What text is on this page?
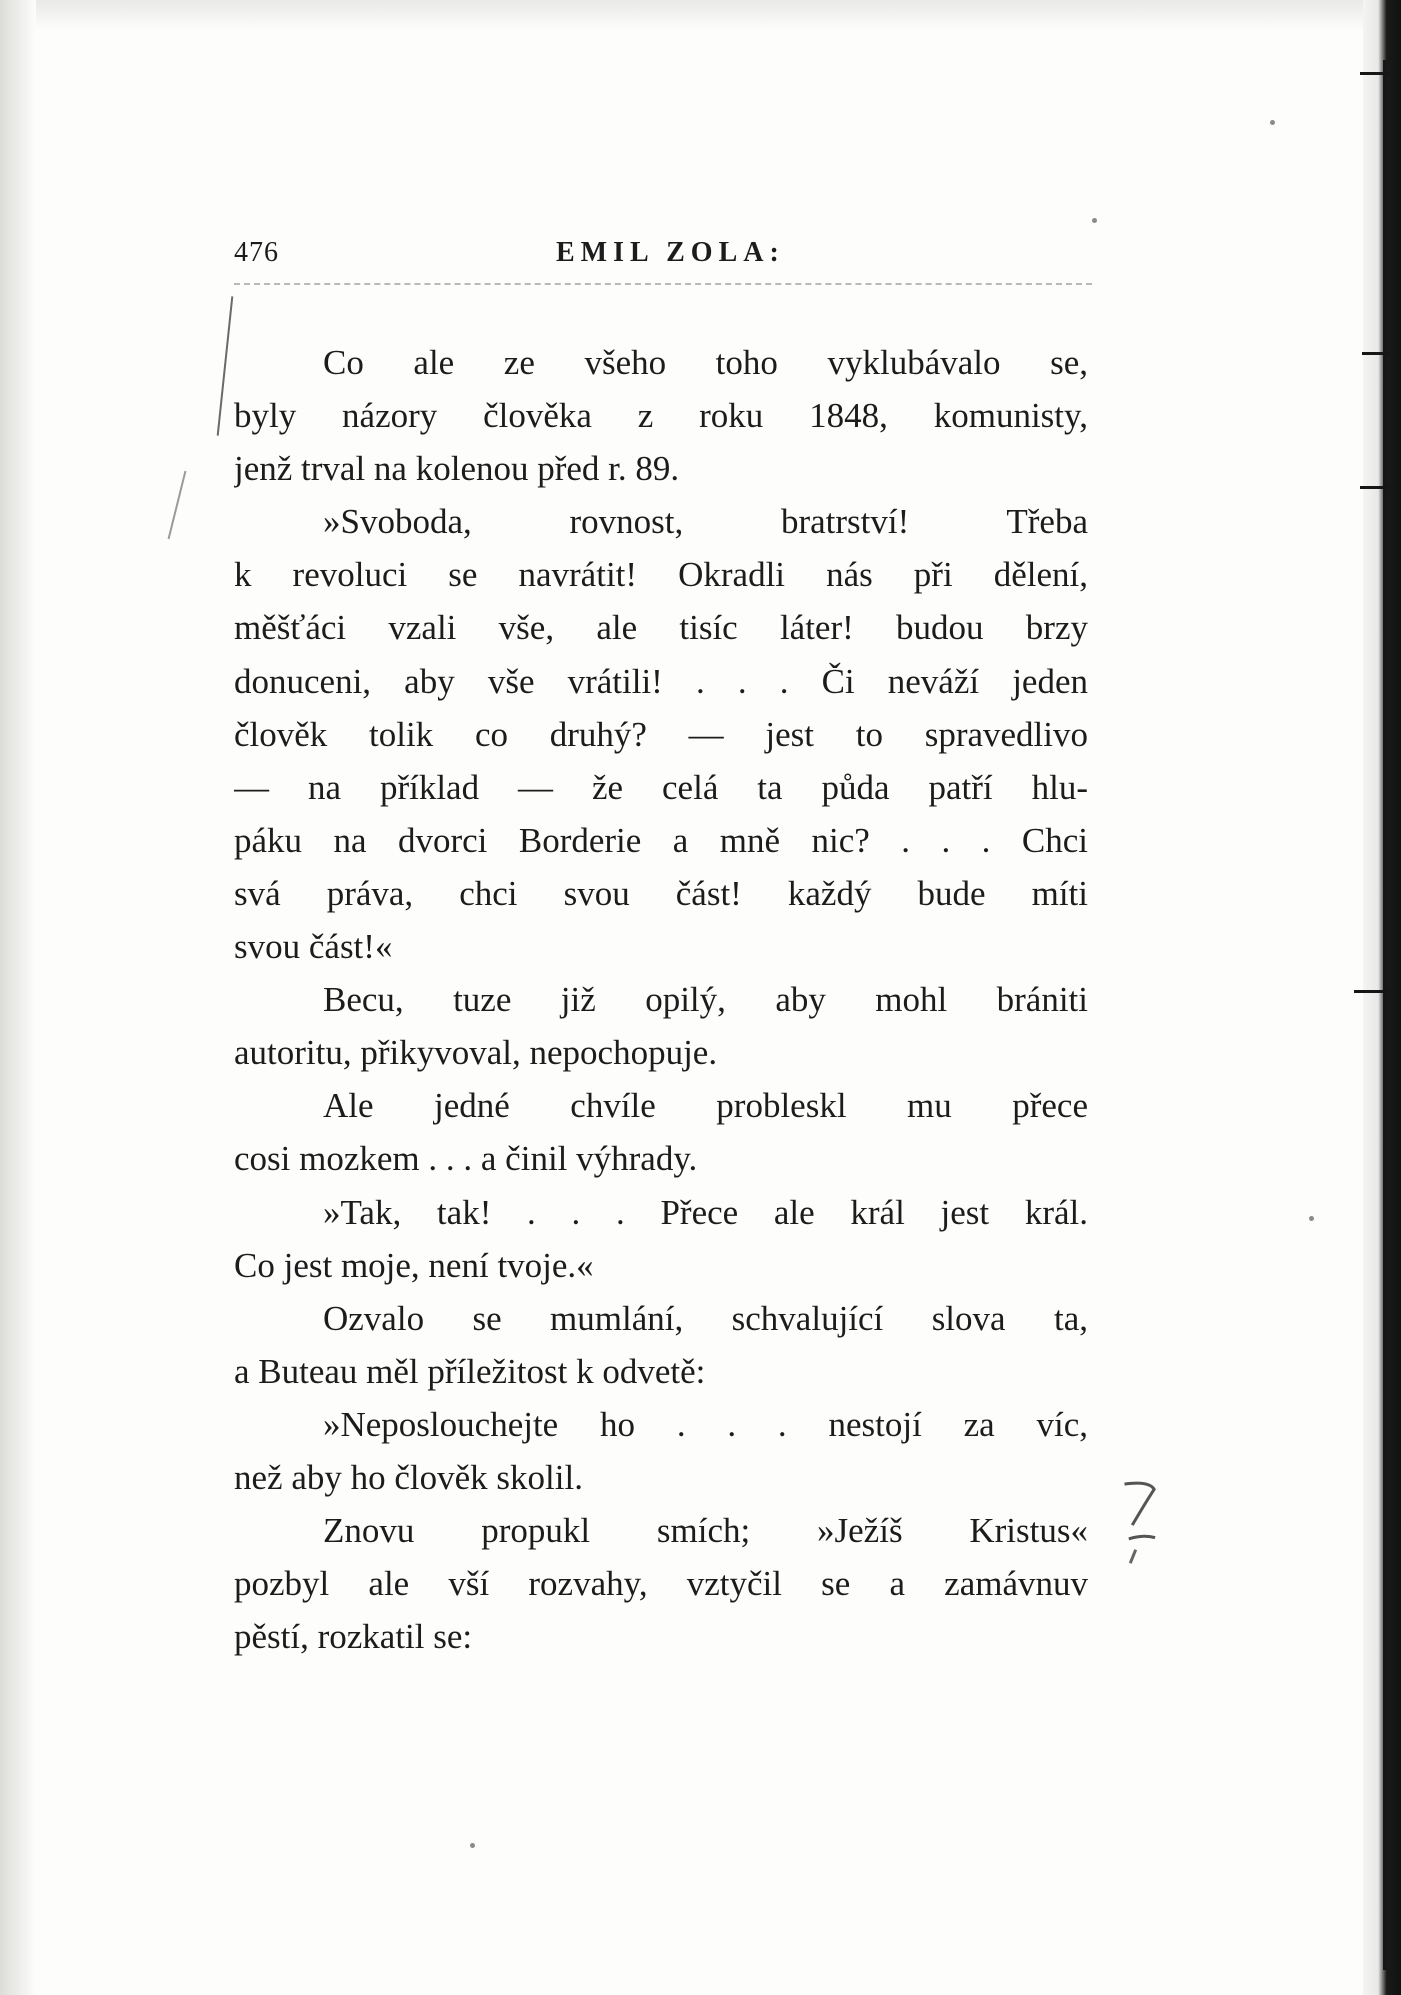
476	EMIL ZOLA:
Co ale ze všeho toho vyklubávalo se,
byly názory člověka z roku 1848, komunisty,
jenž trval na kolenou před r. 89.
»Svoboda, rovnost, bratrství! Třeba
k revoluci se navrátit! Okradli nás při dělení,
měšťáci vzali vše, ale tisíc láter! budou brzy
donuceni, aby vše vrátili! . . . Či neváží jeden
člověk tolik co druhý? — jest to spravedlivo
— na příklad — že celá ta půda patří hlu-
páku na dvorci Borderie a mně nic? . . . Chci
svá práva, chci svou část! každý bude míti
svou část!«
Becu, tuze již opilý, aby mohl brániti
autoritu, přikyvoval, nepochopuje.
Ale jedné chvíle probleskl mu přece
cosi mozkem . . . a činil výhrady.
»Tak, tak! . . . Přece ale král jest král.
Co jest moje, není tvoje.«
Ozvalo se mumlání, schvalující slova ta,
a Buteau měl příležitost k odvetě:
»Neposlouchejte ho . . . nestojí za víc,
než aby ho člověk skolil.
Znovu propukl smích; »Ježíš Kristus«
pozbyl ale vší rozvahy, vztyčil se a zamávnuv
pěstí, rozkatil se:
